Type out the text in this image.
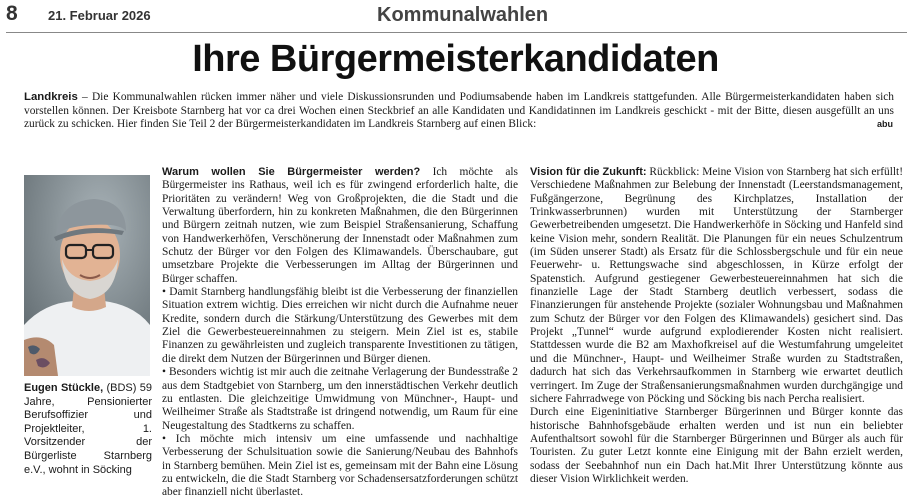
8 21. Februar 2026	Kommunalwahlen
Ihre Bürgermeisterkandidaten
Landkreis – Die Kommunalwahlen rücken immer näher und viele Diskussionsrunden und Podiumsabende haben im Landkreis stattgefunden. Alle Bürgermeisterkandidaten haben sich vorstellen können. Der Kreisbote Starnberg hat vor ca drei Wochen einen Steckbrief an alle Kandidaten und Kandidatinnen im Landkreis geschickt - mit der Bitte, diesen ausgefüllt an uns zurück zu schicken. Hier finden Sie Teil 2 der Bürgermeisterkandidaten im Landkreis Starnberg auf einen Blick:	abu
Eugen Stückle, (BDS) 59 Jahre, Pensionierter Berufsoffizier und Projektleiter, 1. Vorsitzender der Bürgerliste Starnberg e.V., wohnt in Söcking

Warum wollen Sie Bürgermeister werden? Ich möchte als Bürgermeister ins Rathaus, weil ich es für zwingend erforderlich halte, die Prioritäten zu verändern! Weg von Großprojekten, die die Stadt und die Verwaltung überfordern, hin zu konkreten Maßnahmen, die den Bürgerinnen und Bürgern zeitnah nutzen, wie zum Beispiel Straßensanierung, Schaffung von Handwerkerhöfen, Verschönerung der Innenstadt oder Maßnahmen zum Schutz der Bürger vor den Folgen des Klimawandels. Überschaubare, gut umsetzbare Projekte die Verbesserungen im Alltag der Bürgerinnen und Bürger schaffen.

• Damit Starnberg handlungsfähig bleibt ist die Verbesserung der finanziellen Situation extrem wichtig. Dies erreichen wir nicht durch die Aufnahme neuer Kredite, sondern durch die Stärkung/Unterstützung des Gewerbes mit dem Ziel die Gewerbesteuereinnahmen zu steigern. Mein Ziel ist es, stabile Finanzen zu gewährleisten und zugleich transparente Investitionen zu tätigen, die direkt dem Nutzen der Bürgerinnen und Bürger dienen.

• Besonders wichtig ist mir auch die zeitnahe Verlagerung der Bundesstraße 2 aus dem Stadtgebiet von Starnberg, um den innerstädtischen Verkehr deutlich zu entlasten. Die gleichzeitige Umwidmung von Münchner-, Haupt- und Weilheimer Straße als Stadtstraße ist dringend notwendig, um Raum für eine Neugestaltung des Stadtkerns zu schaffen.

• Ich möchte mich intensiv um eine umfassende und nachhaltige Verbesserung der Schulsituation sowie die Sanierung/Neubau des Bahnhofs in Starnberg bemühen. Mein Ziel ist es, gemeinsam mit der Bahn eine Lösung zu entwickeln, die die Stadt Starnberg vor Schadensersatzforderungen schützt aber finanziell nicht überlastet.

Vision für die Zukunft: Rückblick: Meine Vision von Starnberg hat sich erfüllt! Verschiedene Maßnahmen zur Belebung der Innenstadt (Leerstandsmanagement, Fußgängerzone, Begrünung des Kirchplatzes, Installation der Trinkwasserbrunnen) wurden mit Unterstützung der Starnberger Gewerbetreibenden umgesetzt. Die Handwerkerhöfe in Söcking und Hanfeld sind keine Vision mehr, sondern Realität. Die Planungen für ein neues Schulzentrum (im Süden unserer Stadt) als Ersatz für die Schlossbergschule und für ein neue Feuerwehr- u. Rettungswache sind abgeschlossen, in Kürze erfolgt der Spatenstich. Aufgrund gestiegener Gewerbesteuereinnahmen hat sich die finanzielle Lage der Stadt Starnberg deutlich verbessert, sodass die Finanzierungen für anstehende Projekte (sozialer Wohnungsbau und Maßnahmen zum Schutz der Bürger vor den Folgen des Klimawandels) gesichert sind. Das Projekt „Tunnel“ wurde aufgrund explodierender Kosten nicht realisiert. Stattdessen wurde die B2 am Maxhofkreisel auf die Westumfahrung umgeleitet und die Münchner-, Haupt- und Weilheimer Straße wurden zu Stadtstraßen, dadurch hat sich das Verkehrsaufkommen in Starnberg wie erwartet deutlich verringert. Im Zuge der Straßensanierungsmaßnahmen wurden durchgängige und sichere Fahrradwege von Pöcking und Söcking bis nach Percha realisiert.

Durch eine Eigeninitiative Starnberger Bürgerinnen und Bürger konnte das historische Bahnhofsgebäude erhalten werden und ist nun ein beliebter Aufenthaltsort sowohl für die Starnberger Bürgerinnen und Bürger als auch für Touristen. Zu guter Letzt konnte eine Einigung mit der Bahn erzielt werden, sodass der Seebahnhof nun ein Dach hat.Mit Ihrer Unterstützung könnte aus dieser Vision Wirklichkeit werden.
